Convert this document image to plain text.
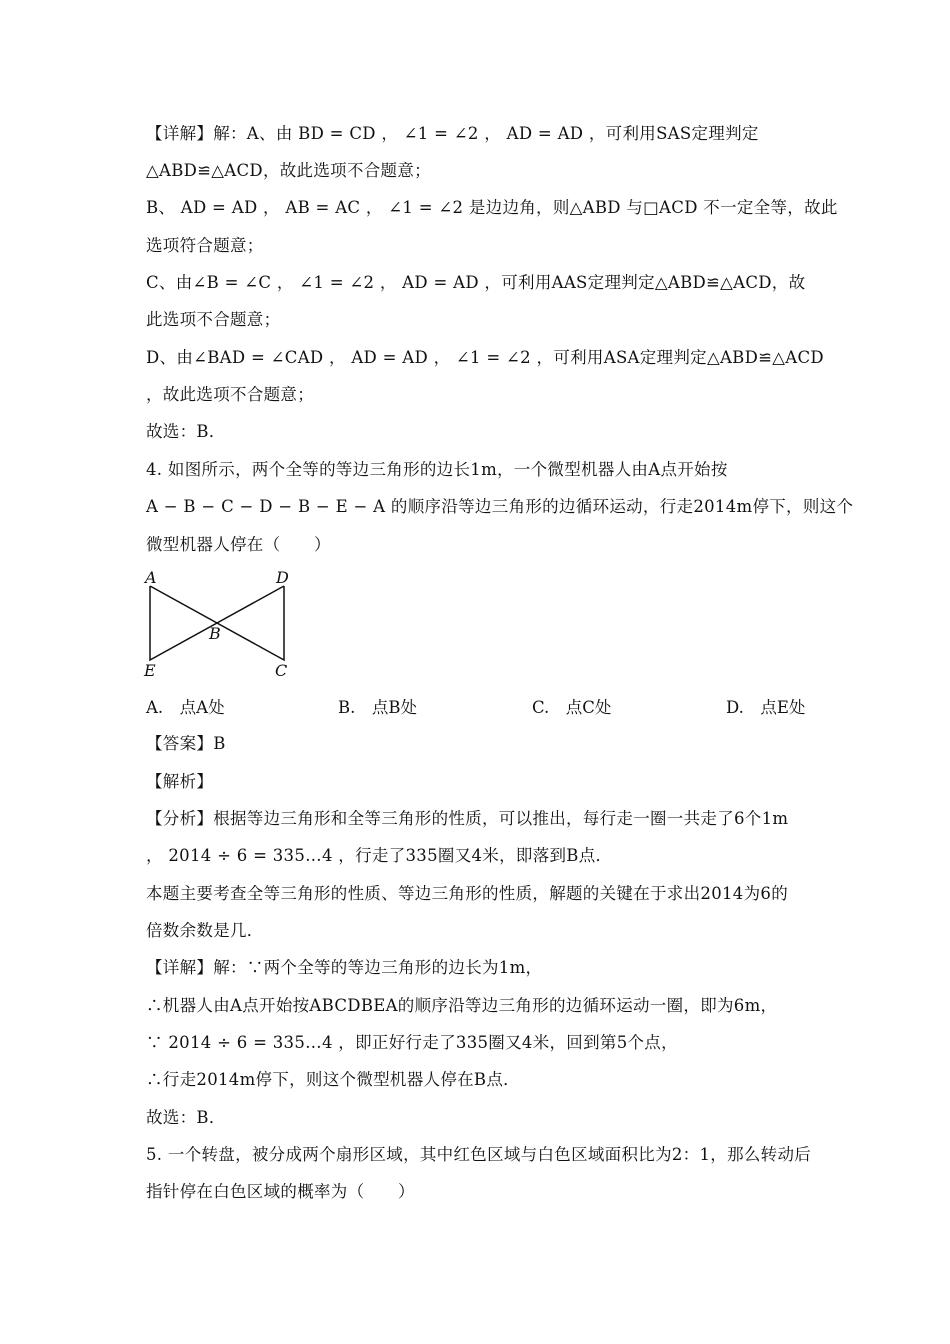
【详解】解：A、由 BD = CD ， ∠1 = ∠2 ， AD = AD ，可利用SAS定理判定
△ABD≌△ACD，故此选项不合题意；
B、 AD = AD ， AB = AC ， ∠1 = ∠2 是边边角，则△ABD 与□ACD 不一定全等，故此
选项符合题意；
C、由∠B = ∠C ， ∠1 = ∠2 ， AD = AD ，可利用AAS定理判定△ABD≌△ACD，故
此选项不合题意；
D、由∠BAD = ∠CAD ， AD = AD ， ∠1 = ∠2 ，可利用ASA定理判定△ABD≌△ACD
，故此选项不合题意；
故选：B．
4. 如图所示，两个全等的等边三角形的边长1m，一个微型机器人由A点开始按
A − B − C − D − B − E − A 的顺序沿等边三角形的边循环运动，行走2014m停下，则这个
微型机器人停在（　　）
A	D
B
E	C
A.　点A处	B.　点B处	C.　点C处	D.　点E处
【答案】B
【解析】
【分析】根据等边三角形和全等三角形的性质，可以推出，每行走一圈一共走了6个1m
， 2014 ÷ 6 = 335…4 ，行走了335圈又4米，即落到B点．
本题主要考查全等三角形的性质、等边三角形的性质，解题的关键在于求出2014为6的
倍数余数是几．
【详解】解：∵两个全等的等边三角形的边长为1m，
∴机器人由A点开始按ABCDBEA的顺序沿等边三角形的边循环运动一圈，即为6m，
∵ 2014 ÷ 6 = 335…4 ，即正好行走了335圈又4米，回到第5个点，
∴行走2014m停下，则这个微型机器人停在B点．
故选：B．
5. 一个转盘，被分成两个扇形区域，其中红色区域与白色区域面积比为2：1，那么转动后
指针停在白色区域的概率为（　　）
